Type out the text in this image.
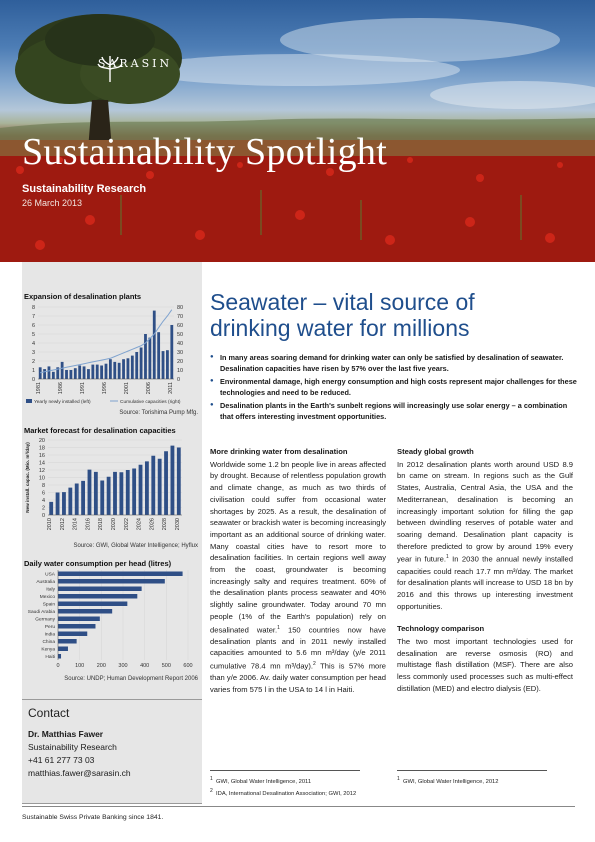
SARASIN
Sustainability Spotlight
Sustainability Research
26 March 2013
Expansion of desalination plants
0
1
2
3
4
5
6
7
8
0
10
20
30
40
50
60
70
80
1981	1986	1991	1996	2001	2006	2011
Yearly newly installed (left)	Cumulative capacities (right)
Source: Torishima Pump Mfg.
Market forecast for desalination capacities
0
2
4
6
8
10
12
14
16
18
20
New install. capac. (Mio. m³/day)
2010 2012 2014 2016 2018 2020 2022 2024 2026 2028 2030
Source: GWI, Global Water Intelligence; Hyflux
Daily water consumption per head (litres)
0	100 200 300 400 500 600
USA
Australia
Italy
Mexico
Spain
Saudi Arabia
Germany
Peru
India
China
Kenya
Haiti
Source: UNDP; Human Development Report 2006
Contact
Dr. Matthias Fawer
Sustainability Research
+41 61 277 73 03
matthias.fawer@sarasin.ch
Seawater – vital source of
drinking water for millions
● In many areas soaring demand for drinking water can only be satisfied by desalination of seawater. Desalination capacities have risen by 57% over the last five years.
● Environmental damage, high energy consumption and high costs represent major challenges for these technologies and need to be reduced.
● Desalination plants in the Earth's sunbelt regions will increasingly use solar energy – a combination that offers interesting investment opportunities.
More drinking water from desalination

Worldwide some 1.2 bn people live in areas affected by drought. Because of relentless population growth and climate change, as much as two thirds of civilisation could suffer from occasional water shortages by 2025. As a result, the desalination of seawater or brackish water is becoming increasingly important as an additional source of drinking water. Many coastal cities have to resort more to desalination facilities. In certain regions well away from the coast, groundwater is becoming increasingly salty and requires treatment. 60% of the desalination plants process seawater and 40% slightly saline groundwater. Today around 70 mn people (1% of the Earth's population) rely on desalinated water.$^1$ 150 countries now have desalination plants and in 2011 newly installed capacities amounted to 5.6 mn m³/day (y/e 2011 cumulative 78.4 mn m³/day).$^2$ This is 57% more than y/e 2006. Av. daily water consumption per head varies from 575 l in the USA to 14 l in Haiti.

Steady global growth

In 2012 desalination plants worth around USD 8.9 bn came on stream. In regions such as the Gulf States, Australia, Central Asia, the USA and the Mediterranean, desalination is becoming an increasingly important solution for filling the gap between dwindling reserves of potable water and soaring demand. Desalination plant capacity is therefore predicted to grow by around 19% every year in future.$^1$ In 2030 the annual newly installed capacities could reach 17.7 mn m³/day. The market for desalination plants will increase to USD 18 bn by 2016 and this throws up interesting investment opportunities.

Technology comparison

The two most important technologies used for desalination are reverse osmosis (RO) and multistage flash distillation (MSF). There are also less commonly used processes such as multi-effect distillation (MED) and electro dialysis (ED).

$^1$ GWI, Global Water Intelligence, 2011
$^2$ IDA, International Desalination Association; GWI, 2012
$^1$ GWI, Global Water Intelligence, 2012
Sustainable Swiss Private Banking since 1841.
